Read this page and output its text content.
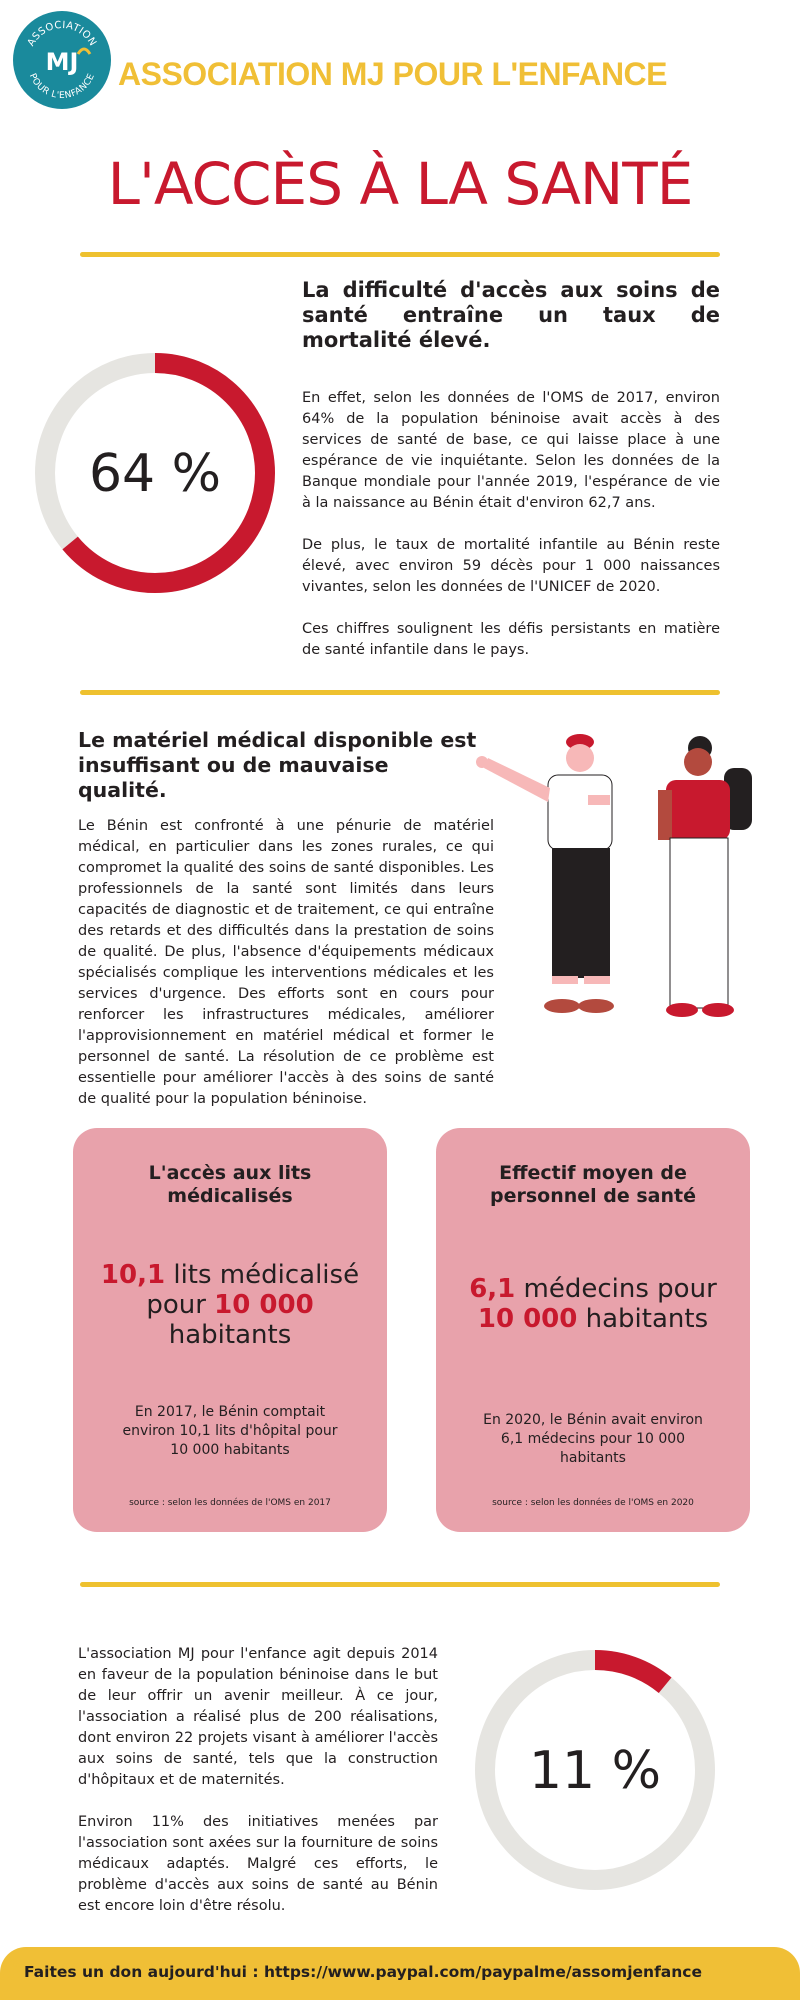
ASSOCIATION
POUR L'ENFANCE
MJ ASSOCIATION MJ POUR L'ENFANCE
L'ACCÈS À LA SANTÉ
64 %
La difficulté d'accès aux soins de santé entraîne un taux de mortalité élevé.

En effet, selon les données de l'OMS de 2017, environ 64% de la population béninoise avait accès à des services de santé de base, ce qui laisse place à une espérance de vie inquiétante. Selon les données de la Banque mondiale pour l'année 2019, l'espérance de vie à la naissance au Bénin était d'environ 62,7 ans.

De plus, le taux de mortalité infantile au Bénin reste élevé, avec environ 59 décès pour 1 000 naissances vivantes, selon les données de l'UNICEF de 2020.

Ces chiffres soulignent les défis persistants en matière de santé infantile dans le pays.

Le matériel médical disponible est insuffisant ou de mauvaise qualité.
Le Bénin est confronté à une pénurie de matériel médical, en particulier dans les zones rurales, ce qui compromet la qualité des soins de santé disponibles. Les professionnels de la santé sont limités dans leurs capacités de diagnostic et de traitement, ce qui entraîne des retards et des difficultés dans la prestation de soins de qualité. De plus, l'absence d'équipements médicaux spécialisés complique les interventions médicales et les services d'urgence. Des efforts sont en cours pour renforcer les infrastructures médicales, améliorer l'approvisionnement en matériel médical et former le personnel de santé. La résolution de ce problème est essentielle pour améliorer l'accès à des soins de santé de qualité pour la population béninoise.
L'accès aux lits médicalisés
10,1 lits médicalisé pour 10 000 habitants
En 2017, le Bénin comptait environ 10,1 lits d'hôpital pour 10 000 habitants
source : selon les données de l'OMS en 2017
Effectif moyen de personnel de santé
6,1 médecins pour 10 000 habitants
En 2020, le Bénin avait environ 6,1 médecins pour 10 000 habitants
source : selon les données de l'OMS en 2020

L'association MJ pour l'enfance agit depuis 2014 en faveur de la population béninoise dans le but de leur offrir un avenir meilleur. À ce jour, l'association a réalisé plus de 200 réalisations, dont environ 22 projets visant à améliorer l'accès aux soins de santé, tels que la construction d'hôpitaux et de maternités.

Environ 11% des initiatives menées par l'association sont axées sur la fourniture de soins médicaux adaptés. Malgré ces efforts, le problème d'accès aux soins de santé au Bénin est encore loin d'être résolu.

11 %
Faites un don aujourd'hui : https://www.paypal.com/paypalme/assomjenfance
